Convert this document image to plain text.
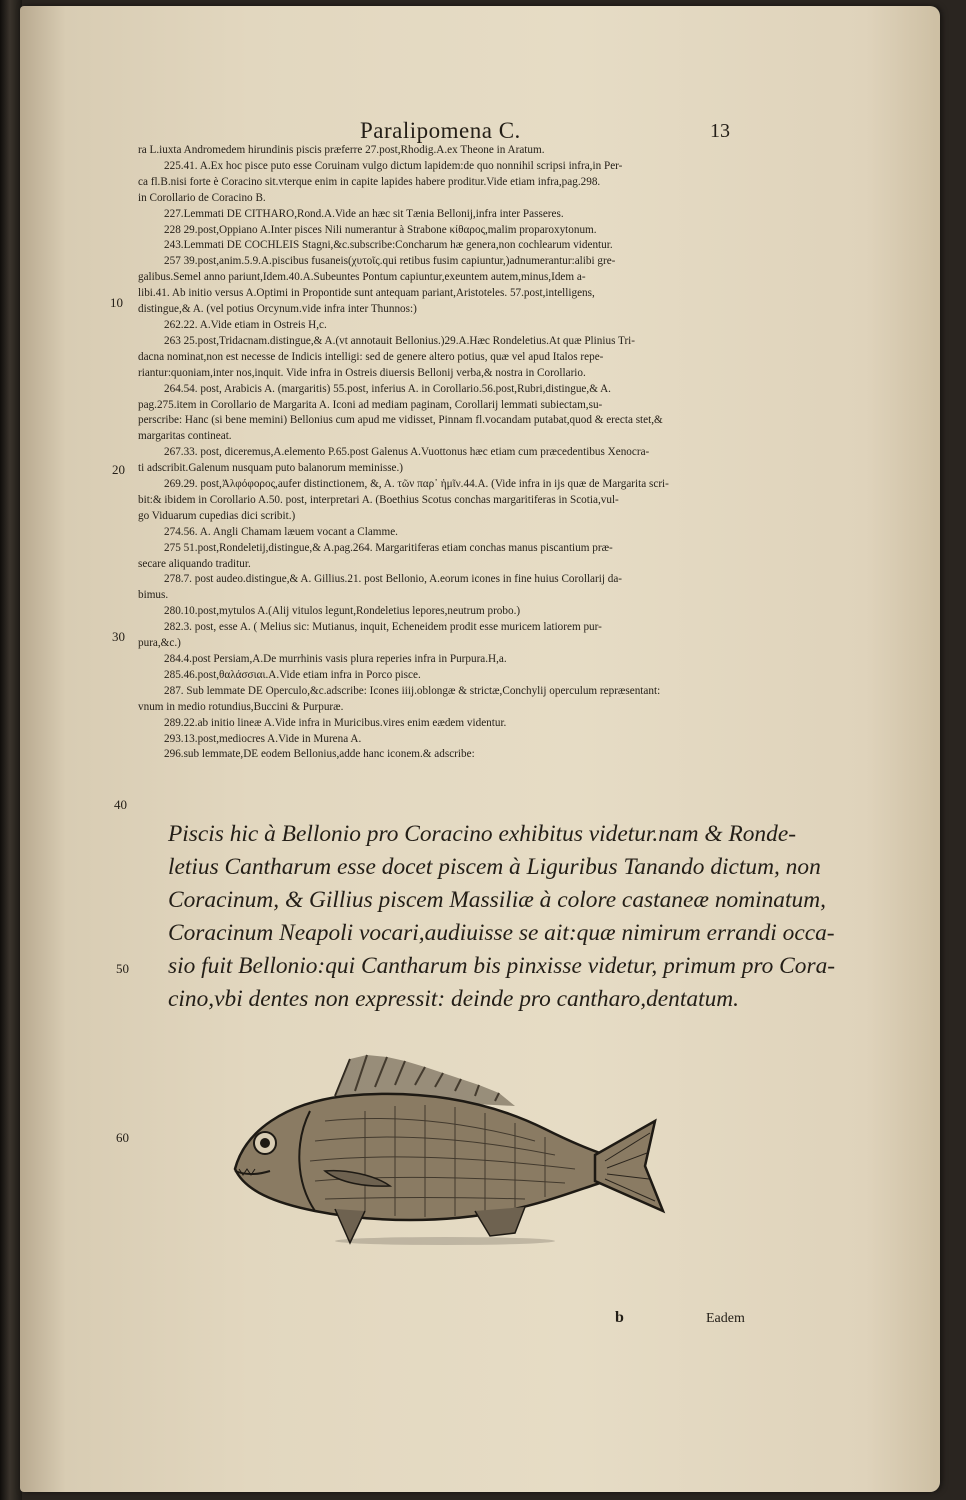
Paralipomena C.	13
ra L.iuxta Andromedem hirundinis piscis præferre 27.post,Rhodig.A.ex Theone in Aratum.
225.41. A.Ex hoc pisce puto esse Coruinam vulgo dictum lapidem:de quo nonnihil scripsi infra,in Per-
ca fl.B.nisi forte è Coracino sit.vterque enim in capite lapides habere proditur.Vide etiam infra,pag.298.
in Corollario de Coracino B.
227.Lemmati DE CITHARO,Rond.A.Vide an hæc sit Tænia Bellonij,infra inter Passeres.
228 29.post,Oppiano A.Inter pisces Nili numerantur à Strabone κίθαρος,malim proparoxytonum.
243.Lemmati DE COCHLEIS Stagni,&c.subscribe:Concharum hæ genera,non cochlearum videntur.
257 39.post,anim.5.9.A.piscibus fusaneis(χυτοῖς.qui retibus fusim capiuntur,)adnumerantur:alibi gre-
galibus.Semel anno pariunt,Idem.40.A.Subeuntes Pontum capiuntur,exeuntem autem,minus,Idem a-
libi.41. Ab initio versus A.Optimi in Propontide sunt antequam pariant,Aristoteles. 57.post,intelligens,
distingue,& A. (vel potius Orcynum.vide infra inter Thunnos:)
262.22. A.Vide etiam in Ostreis H,c.
263 25.post,Tridacnam.distingue,& A.(vt annotauit Bellonius.)29.A.Hæc Rondeletius.At quæ Plinius Tri-
dacna nominat,non est necesse de Indicis intelligi: sed de genere altero potius, quæ vel apud Italos repe-
riantur:quoniam,inter nos,inquit. Vide infra in Ostreis diuersis Bellonij verba,& nostra in Corollario.
264.54. post, Arabicis A. (margaritis) 55.post, inferius A. in Corollario.56.post,Rubri,distingue,& A.
pag.275.item in Corollario de Margarita A. Iconi ad mediam paginam, Corollarij lemmati subiectam,su-
perscribe: Hanc (si bene memini) Bellonius cum apud me vidisset, Pinnam fl.vocandam putabat,quod & erecta stet,&
margaritas contineat.
267.33. post, diceremus,A.elemento P.65.post Galenus A.Vuottonus hæc etiam cum præcedentibus Xenocra-
ti adscribit.Galenum nusquam puto balanorum meminisse.)
269.29. post,Ἀλφόφορος,aufer distinctionem, &, A. τῶν παρ᾽ ἡμῖν.44.A. (Vide infra in ijs quæ de Margarita scri-
bit:& ibidem in Corollario A.50. post, interpretari A. (Boethius Scotus conchas margaritiferas in Scotia,vul-
go Viduarum cupedias dici scribit.)
274.56. A. Angli Chamam læuem vocant a Clamme.
275 51.post,Rondeletij,distingue,& A.pag.264. Margaritiferas etiam conchas manus piscantium præ-
secare aliquando traditur.
278.7. post audeo.distingue,& A. Gillius.21. post Bellonio, A.eorum icones in fine huius Corollarij da-
bimus.
280.10.post,mytulos A.(Alij vitulos legunt,Rondeletius lepores,neutrum probo.)
282.3. post, esse A. ( Melius sic: Mutianus, inquit, Echeneidem prodit esse muricem latiorem pur-
pura,&c.)
284.4.post Persiam,A.De murrhinis vasis plura reperies infra in Purpura.H,a.
285.46.post,θαλάσσιαι.A.Vide etiam infra in Porco pisce.
287. Sub lemmate DE Operculo,&c.adscribe: Icones iiij.oblongæ & strictæ,Conchylij operculum repræsentant:
vnum in medio rotundius,Buccini & Purpuræ.
289.22.ab initio lineæ A.Vide infra in Muricibus.vires enim eædem videntur.
293.13.post,mediocres A.Vide in Murena A.
296.sub lemmate,DE eodem Bellonius,adde hanc iconem.& adscribe:
10
20
30
40
50
60
Piscis hic à Bellonio pro Coracino exhibitus videtur.nam & Ronde-
letius Cantharum esse docet piscem à Liguribus Tanando dictum, non
Coracinum, & Gillius piscem Massiliæ à colore castaneæ nominatum,
Coracinum Neapoli vocari,audiuisse se ait:quæ nimirum errandi occa-
sio fuit Bellonio:qui Cantharum bis pinxisse videtur, primum pro Cora-
cino,vbi dentes non expressit: deinde pro canthаro,dentatum.
b	Eadem
